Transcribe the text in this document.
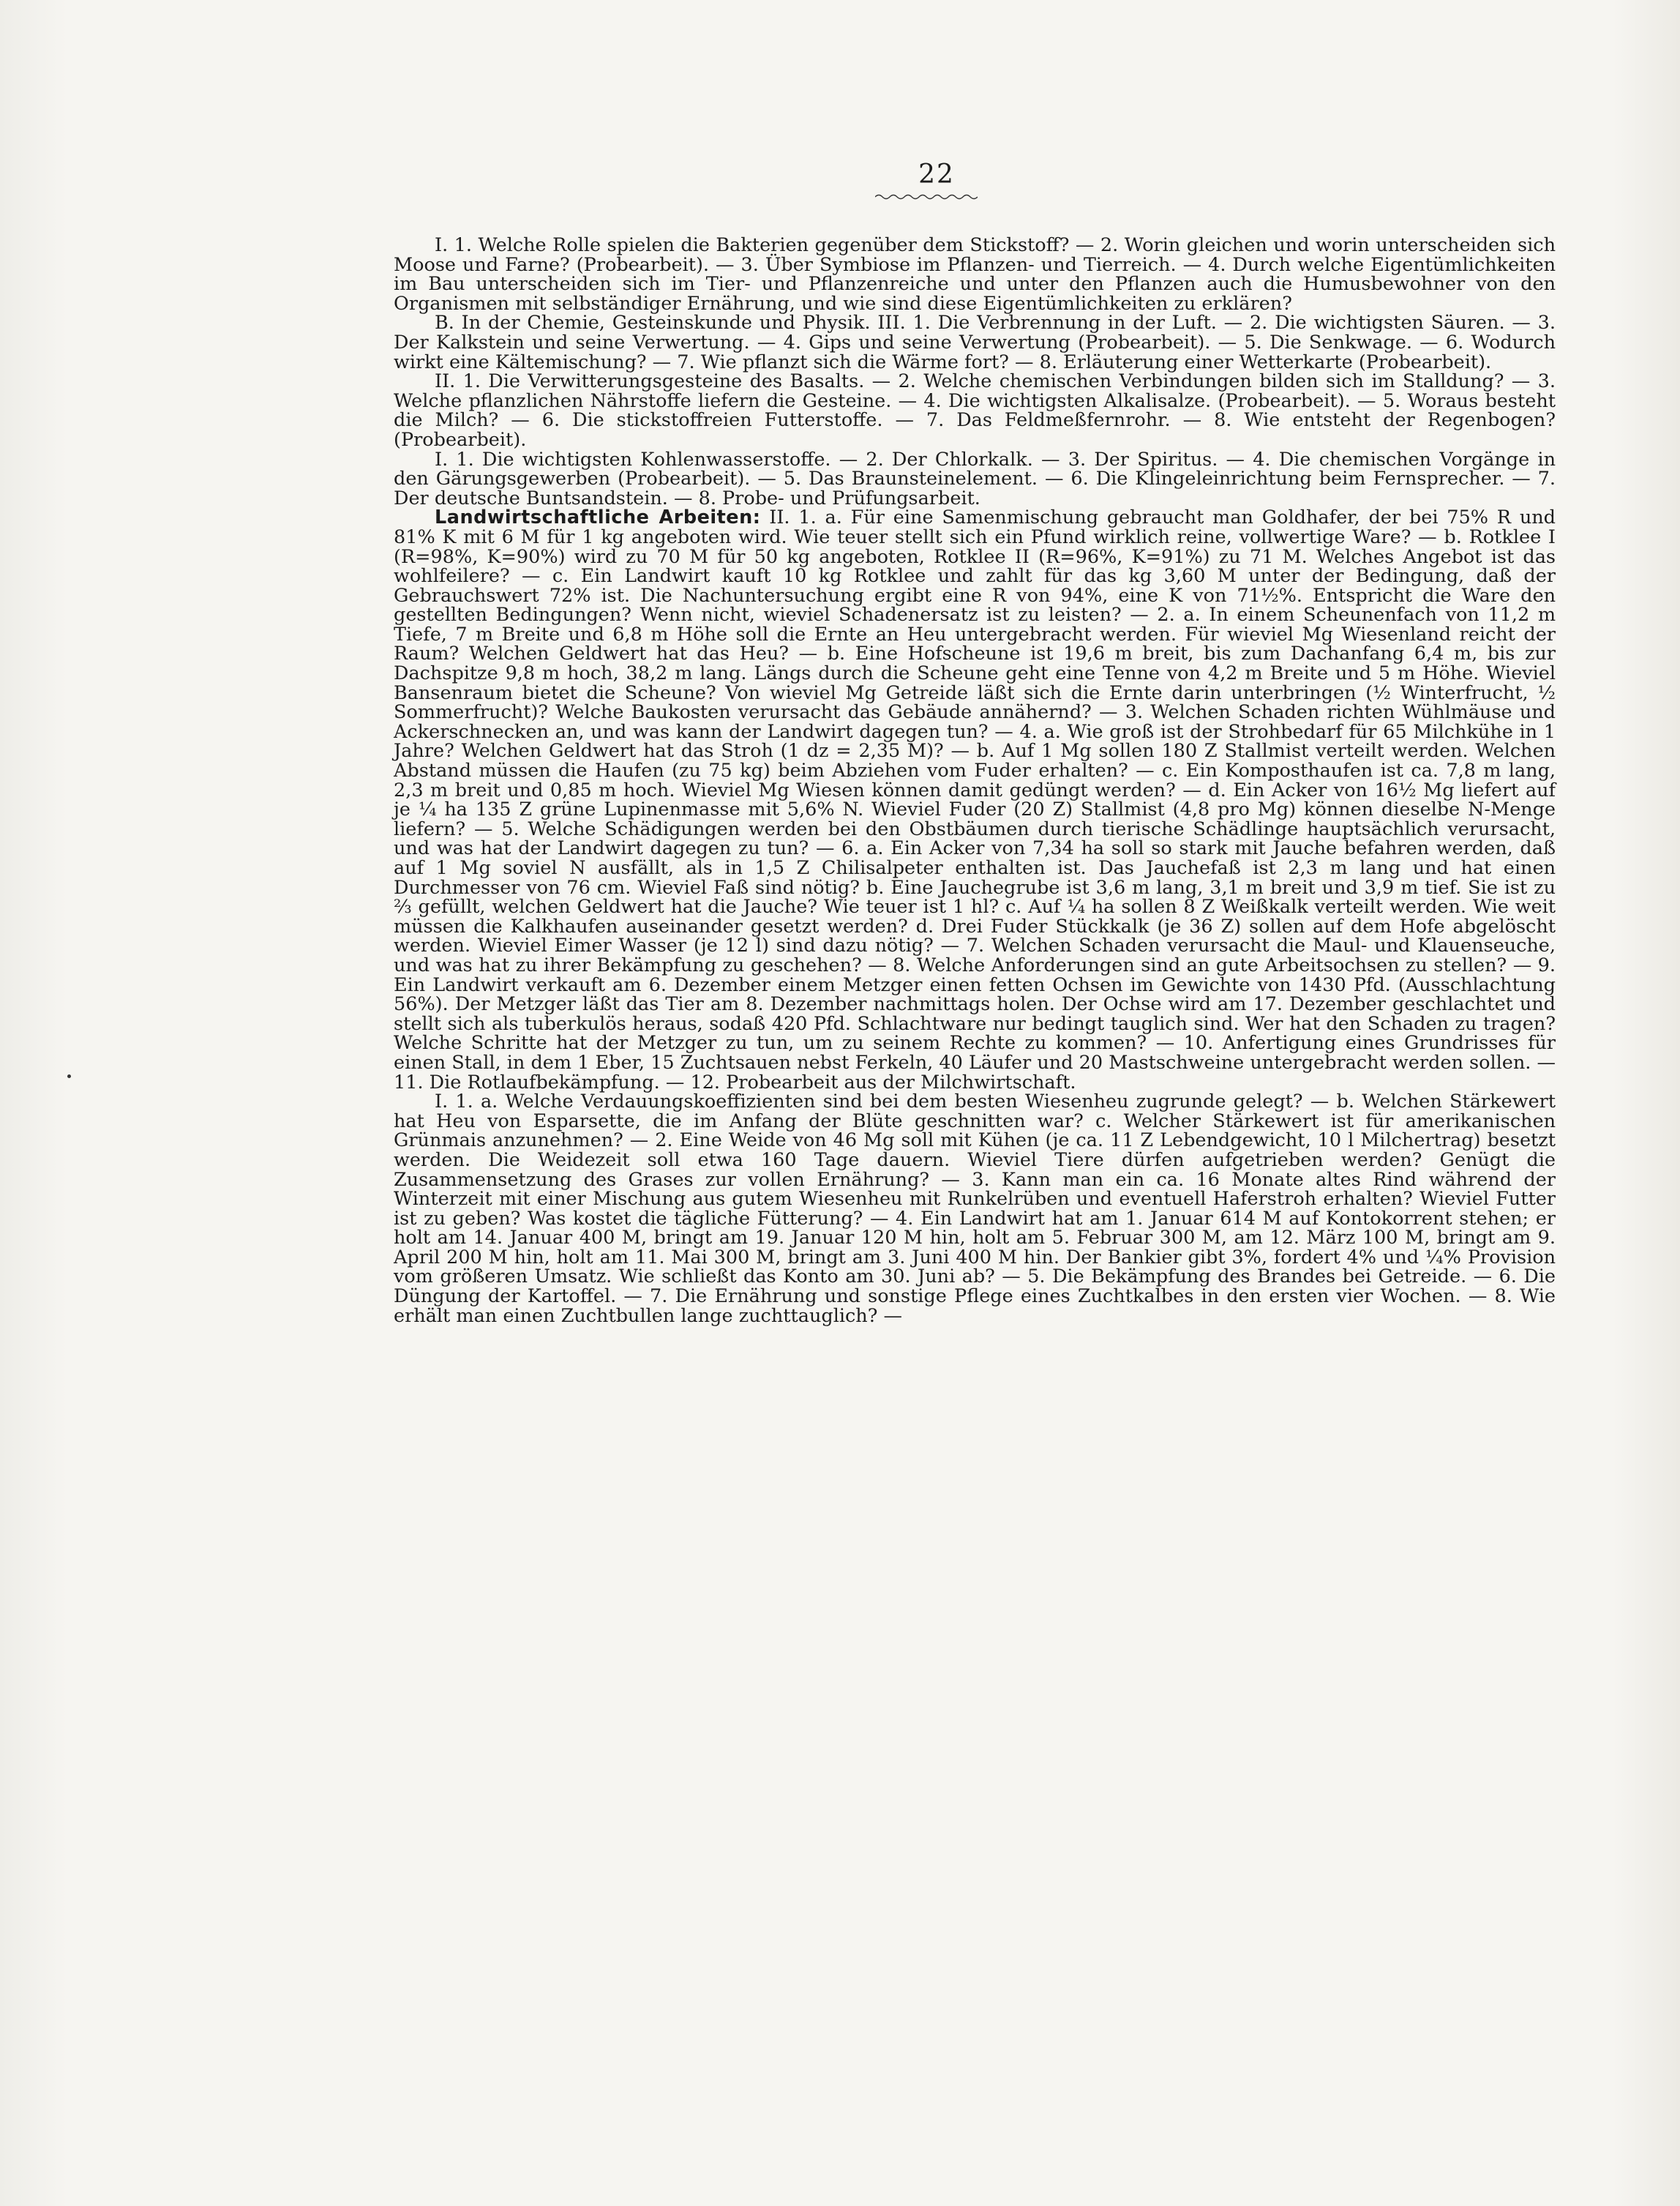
22

I. 1. Welche Rolle spielen die Bakterien gegenüber dem Stickstoff? — 2. Worin gleichen und worin unterscheiden sich Moose und Farne? (Probearbeit). — 3. Über Symbiose im Pflanzen- und Tierreich. — 4. Durch welche Eigentümlichkeiten im Bau unterscheiden sich im Tier- und Pflanzenreiche und unter den Pflanzen auch die Humusbewohner von den Organismen mit selbständiger Ernährung, und wie sind diese Eigentümlichkeiten zu erklären?

B. In der Chemie, Gesteinskunde und Physik. III. 1. Die Verbrennung in der Luft. — 2. Die wichtigsten Säuren. — 3. Der Kalkstein und seine Verwertung. — 4. Gips und seine Verwertung (Probearbeit). — 5. Die Senkwage. — 6. Wodurch wirkt eine Kältemischung? — 7. Wie pflanzt sich die Wärme fort? — 8. Erläuterung einer Wetterkarte (Probearbeit).

II. 1. Die Verwitterungsgesteine des Basalts. — 2. Welche chemischen Verbindungen bilden sich im Stalldung? — 3. Welche pflanzlichen Nährstoffe liefern die Gesteine. — 4. Die wichtigsten Alkalisalze. (Probearbeit). — 5. Woraus besteht die Milch? — 6. Die stickstoffreien Futterstoffe. — 7. Das Feldmeßfernrohr. — 8. Wie entsteht der Regenbogen? (Probearbeit).

I. 1. Die wichtigsten Kohlenwasserstoffe. — 2. Der Chlorkalk. — 3. Der Spiritus. — 4. Die chemischen Vorgänge in den Gärungsgewerben (Probearbeit). — 5. Das Braunsteinelement. — 6. Die Klingeleinrichtung beim Fernsprecher. — 7. Der deutsche Buntsandstein. — 8. Probe- und Prüfungsarbeit.

Landwirtschaftliche Arbeiten: II. 1. a. Für eine Samenmischung gebraucht man Goldhafer, der bei 75% R und 81% K mit 6 M für 1 kg angeboten wird. Wie teuer stellt sich ein Pfund wirklich reine, vollwertige Ware? — b. Rotklee I (R=98%, K=90%) wird zu 70 M für 50 kg angeboten, Rotklee II (R=96%, K=91%) zu 71 M. Welches Angebot ist das wohlfeilere? — c. Ein Landwirt kauft 10 kg Rotklee und zahlt für das kg 3,60 M unter der Bedingung, daß der Gebrauchswert 72% ist. Die Nachuntersuchung ergibt eine R von 94%, eine K von 71½%. Entspricht die Ware den gestellten Bedingungen? Wenn nicht, wieviel Schadenersatz ist zu leisten? — 2. a. In einem Scheunenfach von 11,2 m Tiefe, 7 m Breite und 6,8 m Höhe soll die Ernte an Heu untergebracht werden. Für wieviel Mg Wiesenland reicht der Raum? Welchen Geldwert hat das Heu? — b. Eine Hofscheune ist 19,6 m breit, bis zum Dachanfang 6,4 m, bis zur Dachspitze 9,8 m hoch, 38,2 m lang. Längs durch die Scheune geht eine Tenne von 4,2 m Breite und 5 m Höhe. Wieviel Bansenraum bietet die Scheune? Von wieviel Mg Getreide läßt sich die Ernte darin unterbringen (½ Winterfrucht, ½ Sommerfrucht)? Welche Baukosten verursacht das Gebäude annähernd? — 3. Welchen Schaden richten Wühlmäuse und Ackerschnecken an, und was kann der Landwirt dagegen tun? — 4. a. Wie groß ist der Strohbedarf für 65 Milchkühe in 1 Jahre? Welchen Geldwert hat das Stroh (1 dz = 2,35 M)? — b. Auf 1 Mg sollen 180 Z Stallmist verteilt werden. Welchen Abstand müssen die Haufen (zu 75 kg) beim Abziehen vom Fuder erhalten? — c. Ein Komposthaufen ist ca. 7,8 m lang, 2,3 m breit und 0,85 m hoch. Wieviel Mg Wiesen können damit gedüngt werden? — d. Ein Acker von 16½ Mg liefert auf je ¼ ha 135 Z grüne Lupinenmasse mit 5,6% N. Wieviel Fuder (20 Z) Stallmist (4,8 pro Mg) können dieselbe N-Menge liefern? — 5. Welche Schädigungen werden bei den Obstbäumen durch tierische Schädlinge hauptsächlich verursacht, und was hat der Landwirt dagegen zu tun? — 6. a. Ein Acker von 7,34 ha soll so stark mit Jauche befahren werden, daß auf 1 Mg soviel N ausfällt, als in 1,5 Z Chilisalpeter enthalten ist. Das Jauchefaß ist 2,3 m lang und hat einen Durchmesser von 76 cm. Wieviel Faß sind nötig? b. Eine Jauchegrube ist 3,6 m lang, 3,1 m breit und 3,9 m tief. Sie ist zu ⅔ gefüllt, welchen Geldwert hat die Jauche? Wie teuer ist 1 hl? c. Auf ¼ ha sollen 8 Z Weißkalk verteilt werden. Wie weit müssen die Kalkhaufen auseinander gesetzt werden? d. Drei Fuder Stückkalk (je 36 Z) sollen auf dem Hofe abgelöscht werden. Wieviel Eimer Wasser (je 12 l) sind dazu nötig? — 7. Welchen Schaden verursacht die Maul- und Klauenseuche, und was hat zu ihrer Bekämpfung zu geschehen? — 8. Welche Anforderungen sind an gute Arbeitsochsen zu stellen? — 9. Ein Landwirt verkauft am 6. Dezember einem Metzger einen fetten Ochsen im Gewichte von 1430 Pfd. (Ausschlachtung 56%). Der Metzger läßt das Tier am 8. Dezember nachmittags holen. Der Ochse wird am 17. Dezember geschlachtet und stellt sich als tuberkulös heraus, sodaß 420 Pfd. Schlachtware nur bedingt tauglich sind. Wer hat den Schaden zu tragen? Welche Schritte hat der Metzger zu tun, um zu seinem Rechte zu kommen? — 10. Anfertigung eines Grundrisses für einen Stall, in dem 1 Eber, 15 Zuchtsauen nebst Ferkeln, 40 Läufer und 20 Mastschweine untergebracht werden sollen. — 11. Die Rotlaufbekämpfung. — 12. Probearbeit aus der Milchwirtschaft.

I. 1. a. Welche Verdauungskoeffizienten sind bei dem besten Wiesenheu zugrunde gelegt? — b. Welchen Stärkewert hat Heu von Esparsette, die im Anfang der Blüte geschnitten war? c. Welcher Stärkewert ist für amerikanischen Grünmais anzunehmen? — 2. Eine Weide von 46 Mg soll mit Kühen (je ca. 11 Z Lebendgewicht, 10 l Milchertrag) besetzt werden. Die Weidezeit soll etwa 160 Tage dauern. Wieviel Tiere dürfen aufgetrieben werden? Genügt die Zusammensetzung des Grases zur vollen Ernährung? — 3. Kann man ein ca. 16 Monate altes Rind während der Winterzeit mit einer Mischung aus gutem Wiesenheu mit Runkelrüben und eventuell Haferstroh erhalten? Wieviel Futter ist zu geben? Was kostet die tägliche Fütterung? — 4. Ein Landwirt hat am 1. Januar 614 M auf Kontokorrent stehen; er holt am 14. Januar 400 M, bringt am 19. Januar 120 M hin, holt am 5. Februar 300 M, am 12. März 100 M, bringt am 9. April 200 M hin, holt am 11. Mai 300 M, bringt am 3. Juni 400 M hin. Der Bankier gibt 3%, fordert 4% und ¼% Provision vom größeren Umsatz. Wie schließt das Konto am 30. Juni ab? — 5. Die Bekämpfung des Brandes bei Getreide. — 6. Die Düngung der Kartoffel. — 7. Die Ernährung und sonstige Pflege eines Zuchtkalbes in den ersten vier Wochen. — 8. Wie erhält man einen Zuchtbullen lange zuchttauglich? —
